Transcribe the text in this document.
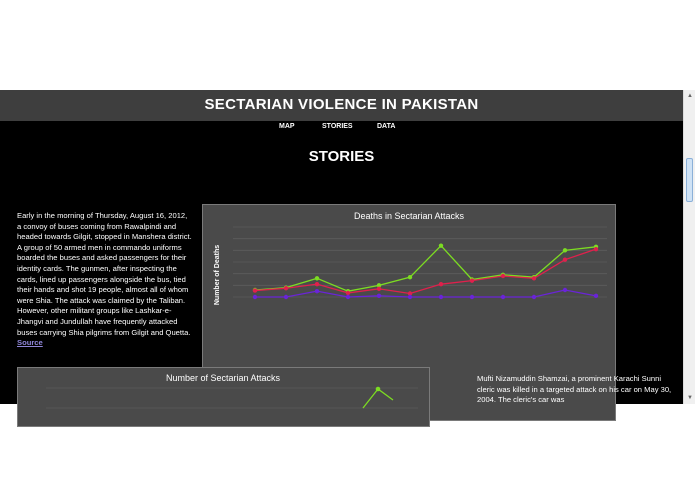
SECTARIAN VIOLENCE IN PAKISTAN
MAP	STORIES	DATA
STORIES
Early in the morning of Thursday, August 16, 2012, a convoy of buses coming from Rawalpindi and headed towards Gilgit, stopped in Manshera district. A group of 50 armed men in commando uniforms boarded the buses and asked passengers for their identity cards. The gunmen, after inspecting the cards, lined up passengers alongside the bus, tied their hands and shot 19 people, almost all of whom were Shia. The attack was claimed by the Taliban. However, other militant groups like Lashkar-e-Jhangvi and Jundullah have frequently attacked buses carrying Shia pilgrims from Gilgit and Quetta.
Source
Deaths in Sectarian Attacks
Number of Deaths
Number of Sectarian Attacks	Mufti Nizamuddin Shamzai, a prominent Karachi Sunni cleric was killed in a targeted attack on his car on May 30, 2004. The cleric's car was
▲
▼
